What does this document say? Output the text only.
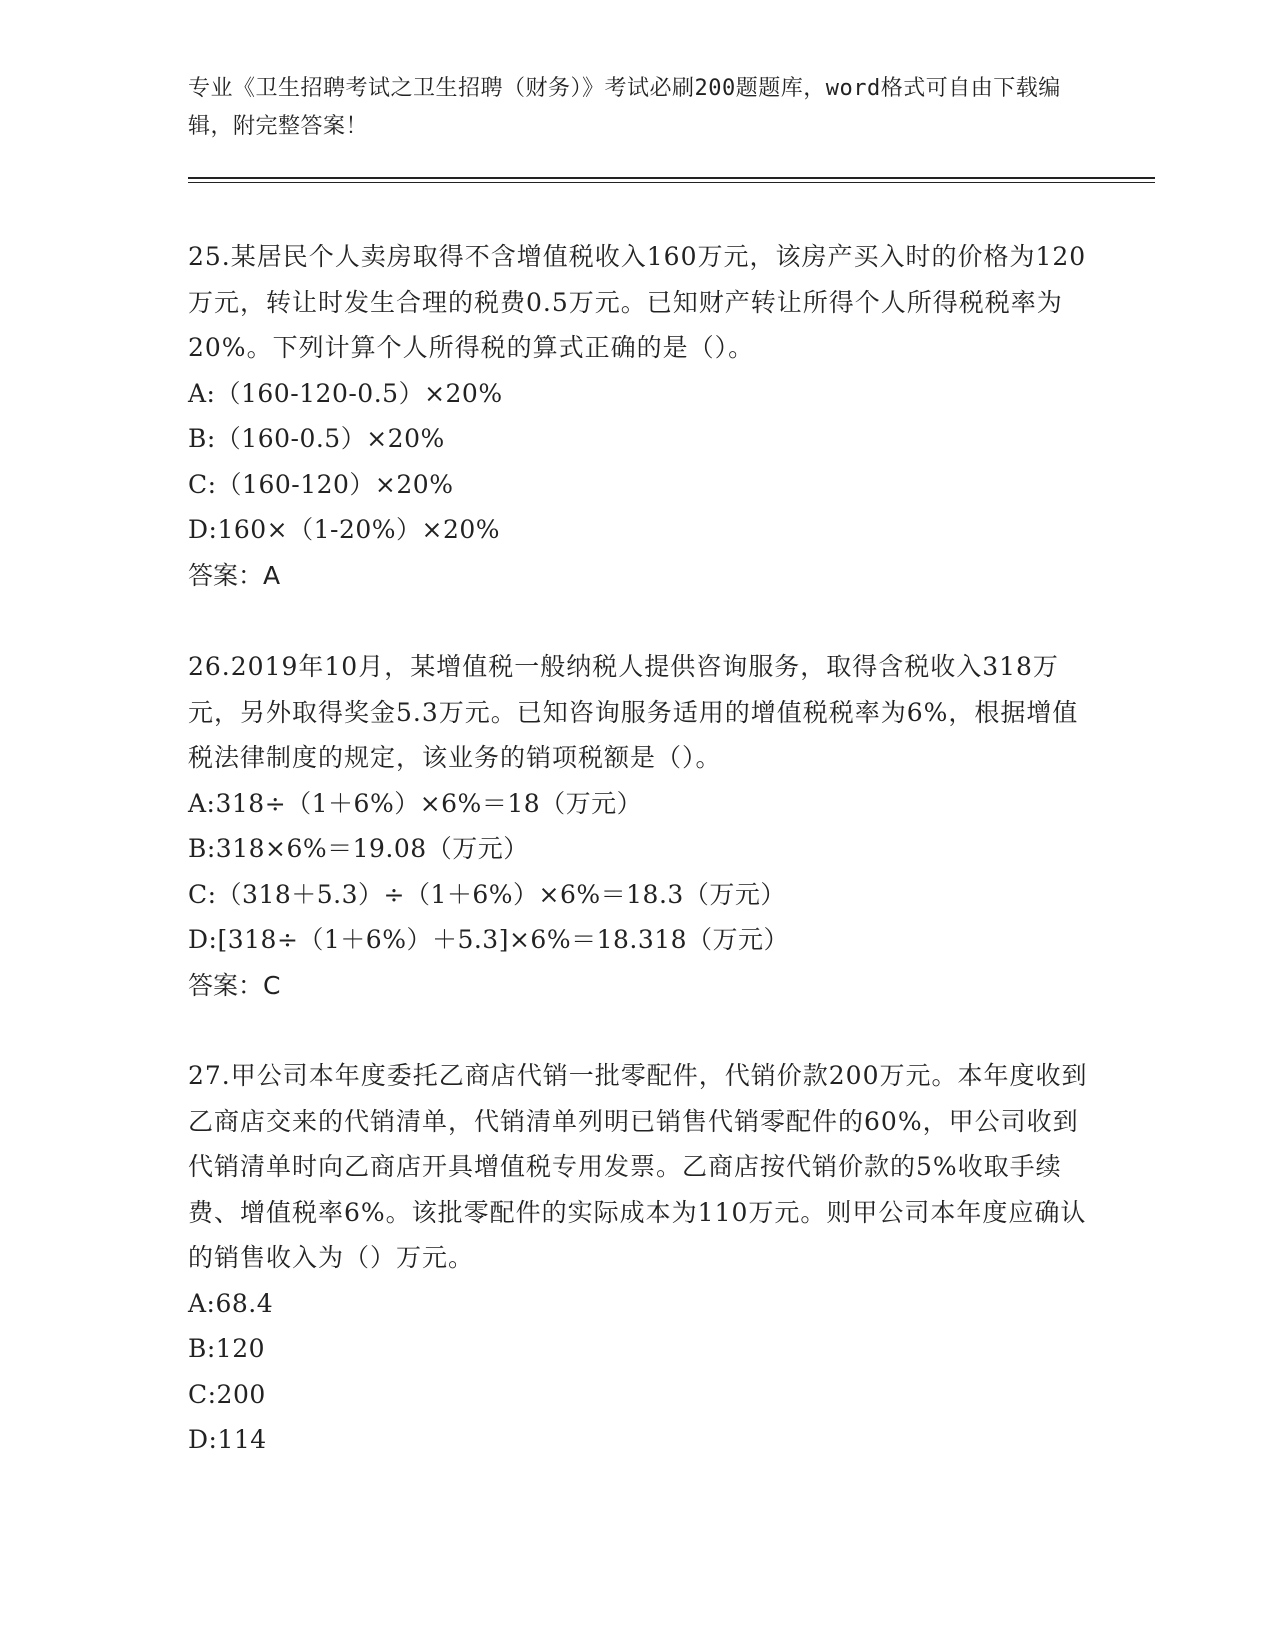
专业《卫生招聘考试之卫生招聘（财务）》考试必刷200题题库，word格式可自由下载编辑，附完整答案！

25.某居民个人卖房取得不含增值税收入160万元，该房产买入时的价格为120万元，转让时发生合理的税费0.5万元。已知财产转让所得个人所得税税率为20%。下列计算个人所得税的算式正确的是（）。

A:（160-120-0.5）×20%

B:（160-0.5）×20%

C:（160-120）×20%

D:160×（1-20%）×20%

答案：A

26.2019年10月，某增值税一般纳税人提供咨询服务，取得含税收入318万元，另外取得奖金5.3万元。已知咨询服务适用的增值税税率为6%，根据增值税法律制度的规定，该业务的销项税额是（）。

A:318÷（1＋6%）×6%＝18（万元）

B:318×6%＝19.08（万元）

C:（318＋5.3）÷（1＋6%）×6%＝18.3（万元）

D:[318÷（1＋6%）＋5.3]×6%＝18.318（万元）

答案：C

27.甲公司本年度委托乙商店代销一批零配件，代销价款200万元。本年度收到乙商店交来的代销清单，代销清单列明已销售代销零配件的60%，甲公司收到代销清单时向乙商店开具增值税专用发票。乙商店按代销价款的5%收取手续费、增值税率6%。该批零配件的实际成本为110万元。则甲公司本年度应确认的销售收入为（）万元。

A:68.4

B:120

C:200

D:114
